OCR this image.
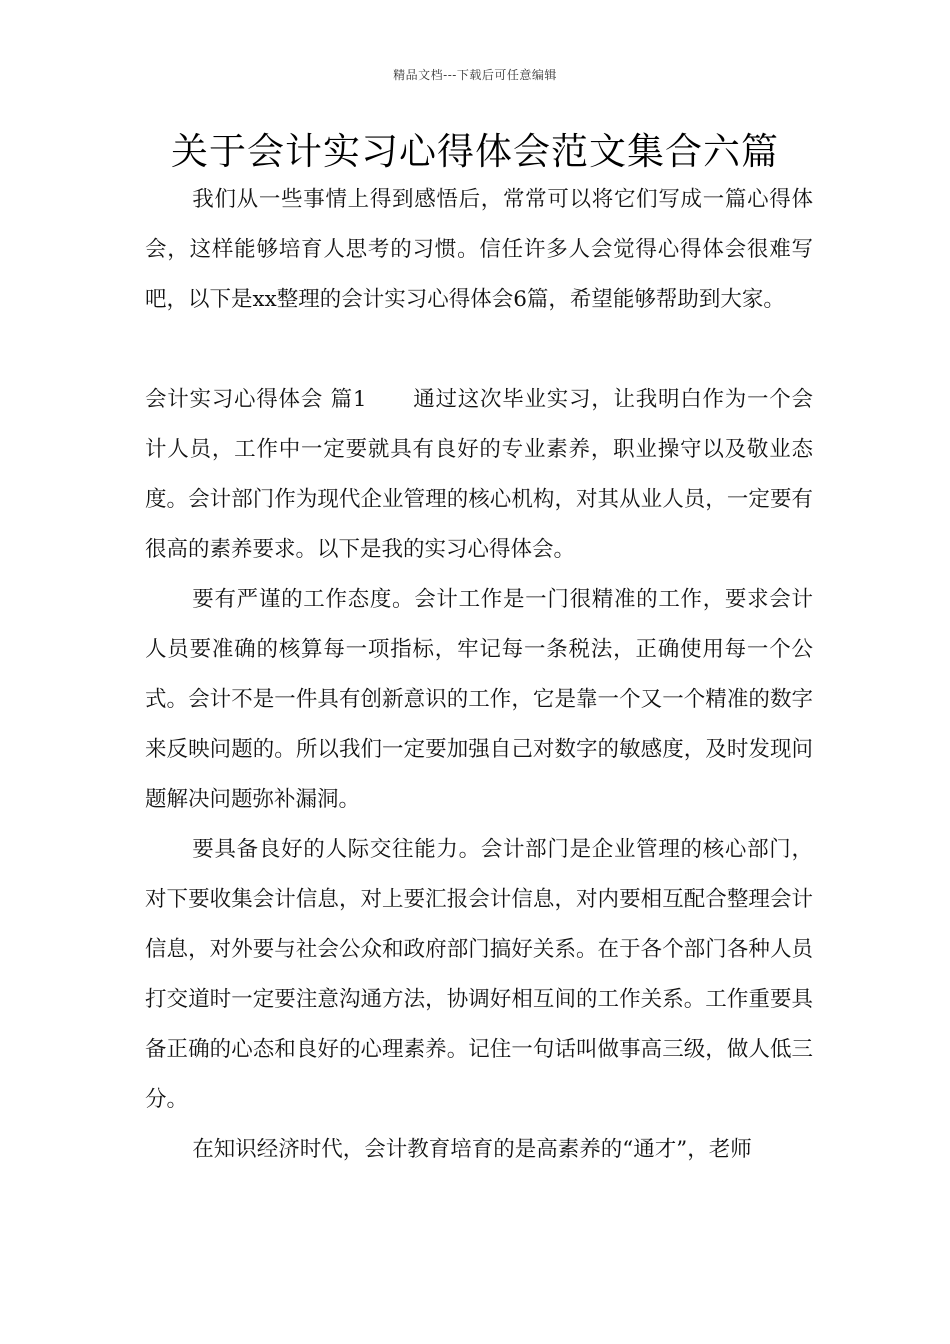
精品文档---下载后可任意编辑
关于会计实习心得体会范文集合六篇

我们从一些事情上得到感悟后，常常可以将它们写成一篇心得体会，这样能够培育人思考的习惯。信任许多人会觉得心得体会很难写吧，以下是xx整理的会计实习心得体会6篇，希望能够帮助到大家。

会计实习心得体会 篇1 通过这次毕业实习，让我明白作为一个会计人员，工作中一定要就具有良好的专业素养，职业操守以及敬业态度。会计部门作为现代企业管理的核心机构，对其从业人员，一定要有很高的素养要求。以下是我的实习心得体会。

要有严谨的工作态度。会计工作是一门很精准的工作，要求会计人员要准确的核算每一项指标，牢记每一条税法，正确使用每一个公式。会计不是一件具有创新意识的工作，它是靠一个又一个精准的数字来反映问题的。所以我们一定要加强自己对数字的敏感度，及时发现问题解决问题弥补漏洞。

要具备良好的人际交往能力。会计部门是企业管理的核心部门，对下要收集会计信息，对上要汇报会计信息，对内要相互配合整理会计信息，对外要与社会公众和政府部门搞好关系。在于各个部门各种人员打交道时一定要注意沟通方法，协调好相互间的工作关系。工作重要具备正确的心态和良好的心理素养。记住一句话叫做事高三级，做人低三分。

在知识经济时代，会计教育培育的是高素养的“通才”，老师
